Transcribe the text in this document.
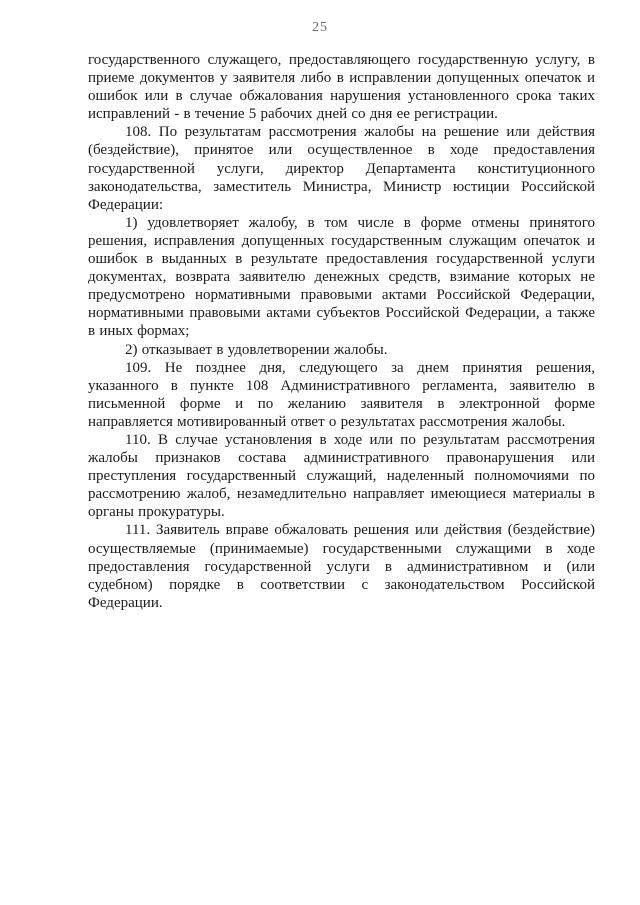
25

государственного служащего, предоставляющего государственную услугу, в приеме документов у заявителя либо в исправлении допущенных опечаток и ошибок или в случае обжалования нарушения установленного срока таких исправлений - в течение 5 рабочих дней со дня ее регистрации.

108. По результатам рассмотрения жалобы на решение или действия (бездействие), принятое или осуществленное в ходе предоставления государственной услуги, директор Департамента конституционного законодательства, заместитель Министра, Министр юстиции Российской Федерации:

1) удовлетворяет жалобу, в том числе в форме отмены принятого решения, исправления допущенных государственным служащим опечаток и ошибок в выданных в результате предоставления государственной услуги документах, возврата заявителю денежных средств, взимание которых не предусмотрено нормативными правовыми актами Российской Федерации, нормативными правовыми актами субъектов Российской Федерации, а также в иных формах;

2) отказывает в удовлетворении жалобы.

109. Не позднее дня, следующего за днем принятия решения, указанного в пункте 108 Административного регламента, заявителю в письменной форме и по желанию заявителя в электронной форме направляется мотивированный ответ о результатах рассмотрения жалобы.

110. В случае установления в ходе или по результатам рассмотрения жалобы признаков состава административного правонарушения или преступления государственный служащий, наделенный полномочиями по рассмотрению жалоб, незамедлительно направляет имеющиеся материалы в органы прокуратуры.

111. Заявитель вправе обжаловать решения или действия (бездействие) осуществляемые (принимаемые) государственными служащими в ходе предоставления государственной услуги в административном и (или судебном) порядке в соответствии с законодательством Российской Федерации.
